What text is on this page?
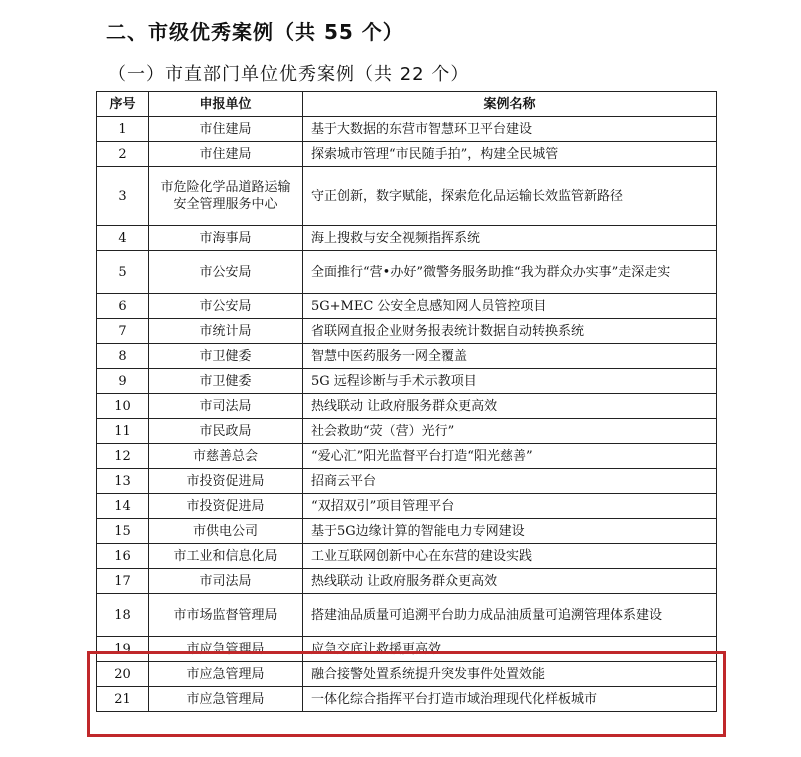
二、市级优秀案例（共 55 个）
（一）市直部门单位优秀案例（共 22 个）
序号	申报单位	案例名称
1	市住建局	基于大数据的东营市智慧环卫平台建设
2	市住建局	探索城市管理“市民随手拍”，构建全民城管
3	市危险化学品道路运输安全管理服务中心	守正创新，数字赋能，探索危化品运输长效监管新路径
4	市海事局	海上搜救与安全视频指挥系统
5	市公安局	全面推行“营•办好”微警务服务助推“我为群众办实事”走深走实
6	市公安局	5G+MEC 公安全息感知网人员管控项目
7	市统计局	省联网直报企业财务报表统计数据自动转换系统
8	市卫健委	智慧中医药服务一网全覆盖
9	市卫健委	5G 远程诊断与手术示教项目
10	市司法局	热线联动 让政府服务群众更高效
11	市民政局	社会救助“荧（营）光行”
12	市慈善总会	“爱心汇”阳光监督平台打造“阳光慈善”
13	市投资促进局	招商云平台
14	市投资促进局	“双招双引”项目管理平台
15	市供电公司	基于5G边缘计算的智能电力专网建设
16	市工业和信息化局	工业互联网创新中心在东营的建设实践
17	市司法局	热线联动 让政府服务群众更高效
18	市市场监督管理局	搭建油品质量可追溯平台助力成品油质量可追溯管理体系建设
19	市应急管理局	应急交底让救援更高效
20	市应急管理局	融合接警处置系统提升突发事件处置效能
21	市应急管理局	一体化综合指挥平台打造市域治理现代化样板城市
